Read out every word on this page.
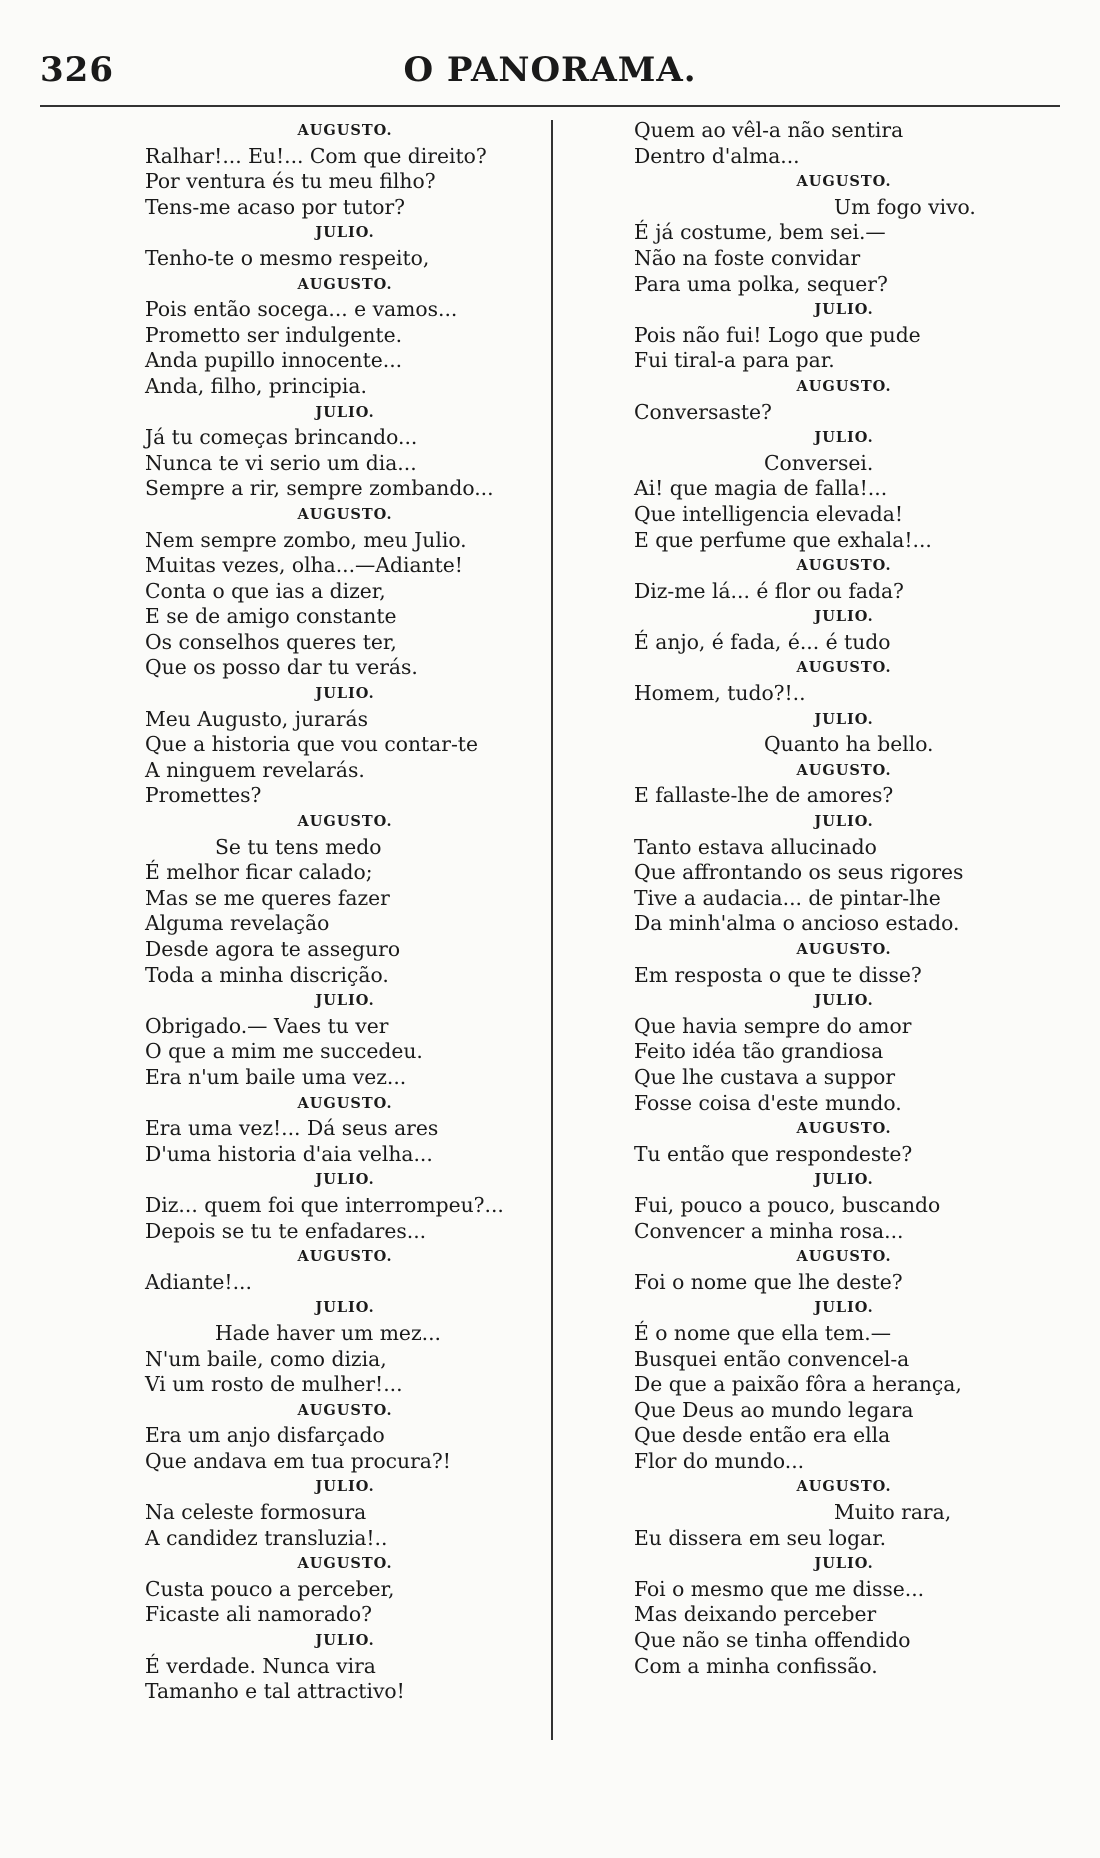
326	O PANORAMA.
AUGUSTO.
Ralhar!... Eu!... Com que direito?
Por ventura és tu meu filho?
Tens-me acaso por tutor?
JULIO.
Tenho-te o mesmo respeito,
AUGUSTO.
Pois então socega... e vamos...
Prometto ser indulgente.
Anda pupillo innocente...
Anda, filho, principia.
JULIO.
Já tu começas brincando...
Nunca te vi serio um dia...
Sempre a rir, sempre zombando...
AUGUSTO.
Nem sempre zombo, meu Julio.
Muitas vezes, olha...—Adiante!
Conta o que ias a dizer,
E se de amigo constante
Os conselhos queres ter,
Que os posso dar tu verás.
JULIO.
Meu Augusto, jurarás
Que a historia que vou contar-te
A ninguem revelarás.
Promettes?
AUGUSTO.
Se tu tens medo
É melhor ficar calado;
Mas se me queres fazer
Alguma revelação
Desde agora te asseguro
Toda a minha discrição.
JULIO.
Obrigado.— Vaes tu ver
O que a mim me succedeu.
Era n'um baile uma vez...
AUGUSTO.
Era uma vez!... Dá seus ares
D'uma historia d'aia velha...
JULIO.
Diz... quem foi que interrompeu?...
Depois se tu te enfadares...
AUGUSTO.
Adiante!...
JULIO.
Hade haver um mez...
N'um baile, como dizia,
Vi um rosto de mulher!...
AUGUSTO.
Era um anjo disfarçado
Que andava em tua procura?!
JULIO.
Na celeste formosura
A candidez transluzia!..
AUGUSTO.
Custa pouco a perceber,
Ficaste ali namorado?
JULIO.
É verdade. Nunca vira
Tamanho e tal attractivo!
Quem ao vêl-a não sentira
Dentro d'alma...
AUGUSTO.
Um fogo vivo.
É já costume, bem sei.—
Não na foste convidar
Para uma polka, sequer?
JULIO.
Pois não fui! Logo que pude
Fui tiral-a para par.
AUGUSTO.
Conversaste?
JULIO.
Conversei.
Ai! que magia de falla!...
Que intelligencia elevada!
E que perfume que exhala!...
AUGUSTO.
Diz-me lá... é flor ou fada?
JULIO.
É anjo, é fada, é... é tudo
AUGUSTO.
Homem, tudo?!..
JULIO.
Quanto ha bello.
AUGUSTO.
E fallaste-lhe de amores?
JULIO.
Tanto estava allucinado
Que affrontando os seus rigores
Tive a audacia... de pintar-lhe
Da minh'alma o ancioso estado.
AUGUSTO.
Em resposta o que te disse?
JULIO.
Que havia sempre do amor
Feito idéa tão grandiosa
Que lhe custava a suppor
Fosse coisa d'este mundo.
AUGUSTO.
Tu então que respondeste?
JULIO.
Fui, pouco a pouco, buscando
Convencer a minha rosa...
AUGUSTO.
Foi o nome que lhe deste?
JULIO.
É o nome que ella tem.—
Busquei então convencel-a
De que a paixão fôra a herança,
Que Deus ao mundo legara
Que desde então era ella
Flor do mundo...
AUGUSTO.
Muito rara,
Eu dissera em seu logar.
JULIO.
Foi o mesmo que me disse...
Mas deixando perceber
Que não se tinha offendido
Com a minha confissão.
